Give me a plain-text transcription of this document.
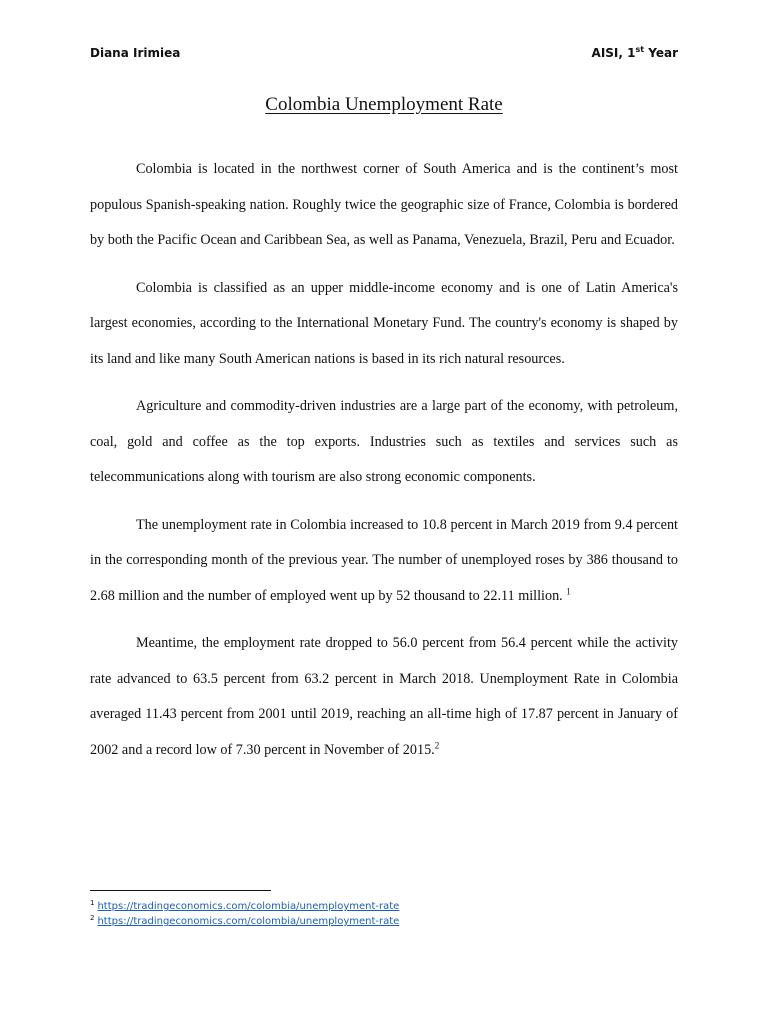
Diana Irimiea	AISI, 1st Year
Colombia Unemployment Rate

Colombia is located in the northwest corner of South America and is the continent’s most populous Spanish-speaking nation. Roughly twice the geographic size of France, Colombia is bordered by both the Pacific Ocean and Caribbean Sea, as well as Panama, Venezuela, Brazil, Peru and Ecuador.

Colombia is classified as an upper middle-income economy and is one of Latin America's largest economies, according to the International Monetary Fund. The country's economy is shaped by its land and like many South American nations is based in its rich natural resources.

Agriculture and commodity-driven industries are a large part of the economy, with petroleum, coal, gold and coffee as the top exports. Industries such as textiles and services such as telecommunications along with tourism are also strong economic components.

The unemployment rate in Colombia increased to 10.8 percent in March 2019 from 9.4 percent in the corresponding month of the previous year. The number of unemployed roses by 386 thousand to 2.68 million and the number of employed went up by 52 thousand to 22.11 million. $^1$

Meantime, the employment rate dropped to 56.0 percent from 56.4 percent while the activity rate advanced to 63.5 percent from 63.2 percent in March 2018. Unemployment Rate in Colombia averaged 11.43 percent from 2001 until 2019, reaching an all-time high of 17.87 percent in January of 2002 and a record low of 7.30 percent in November of 2015.$^2$

$^1$ https://tradingeconomics.com/colombia/unemployment-rate
$^2$ https://tradingeconomics.com/colombia/unemployment-rate
